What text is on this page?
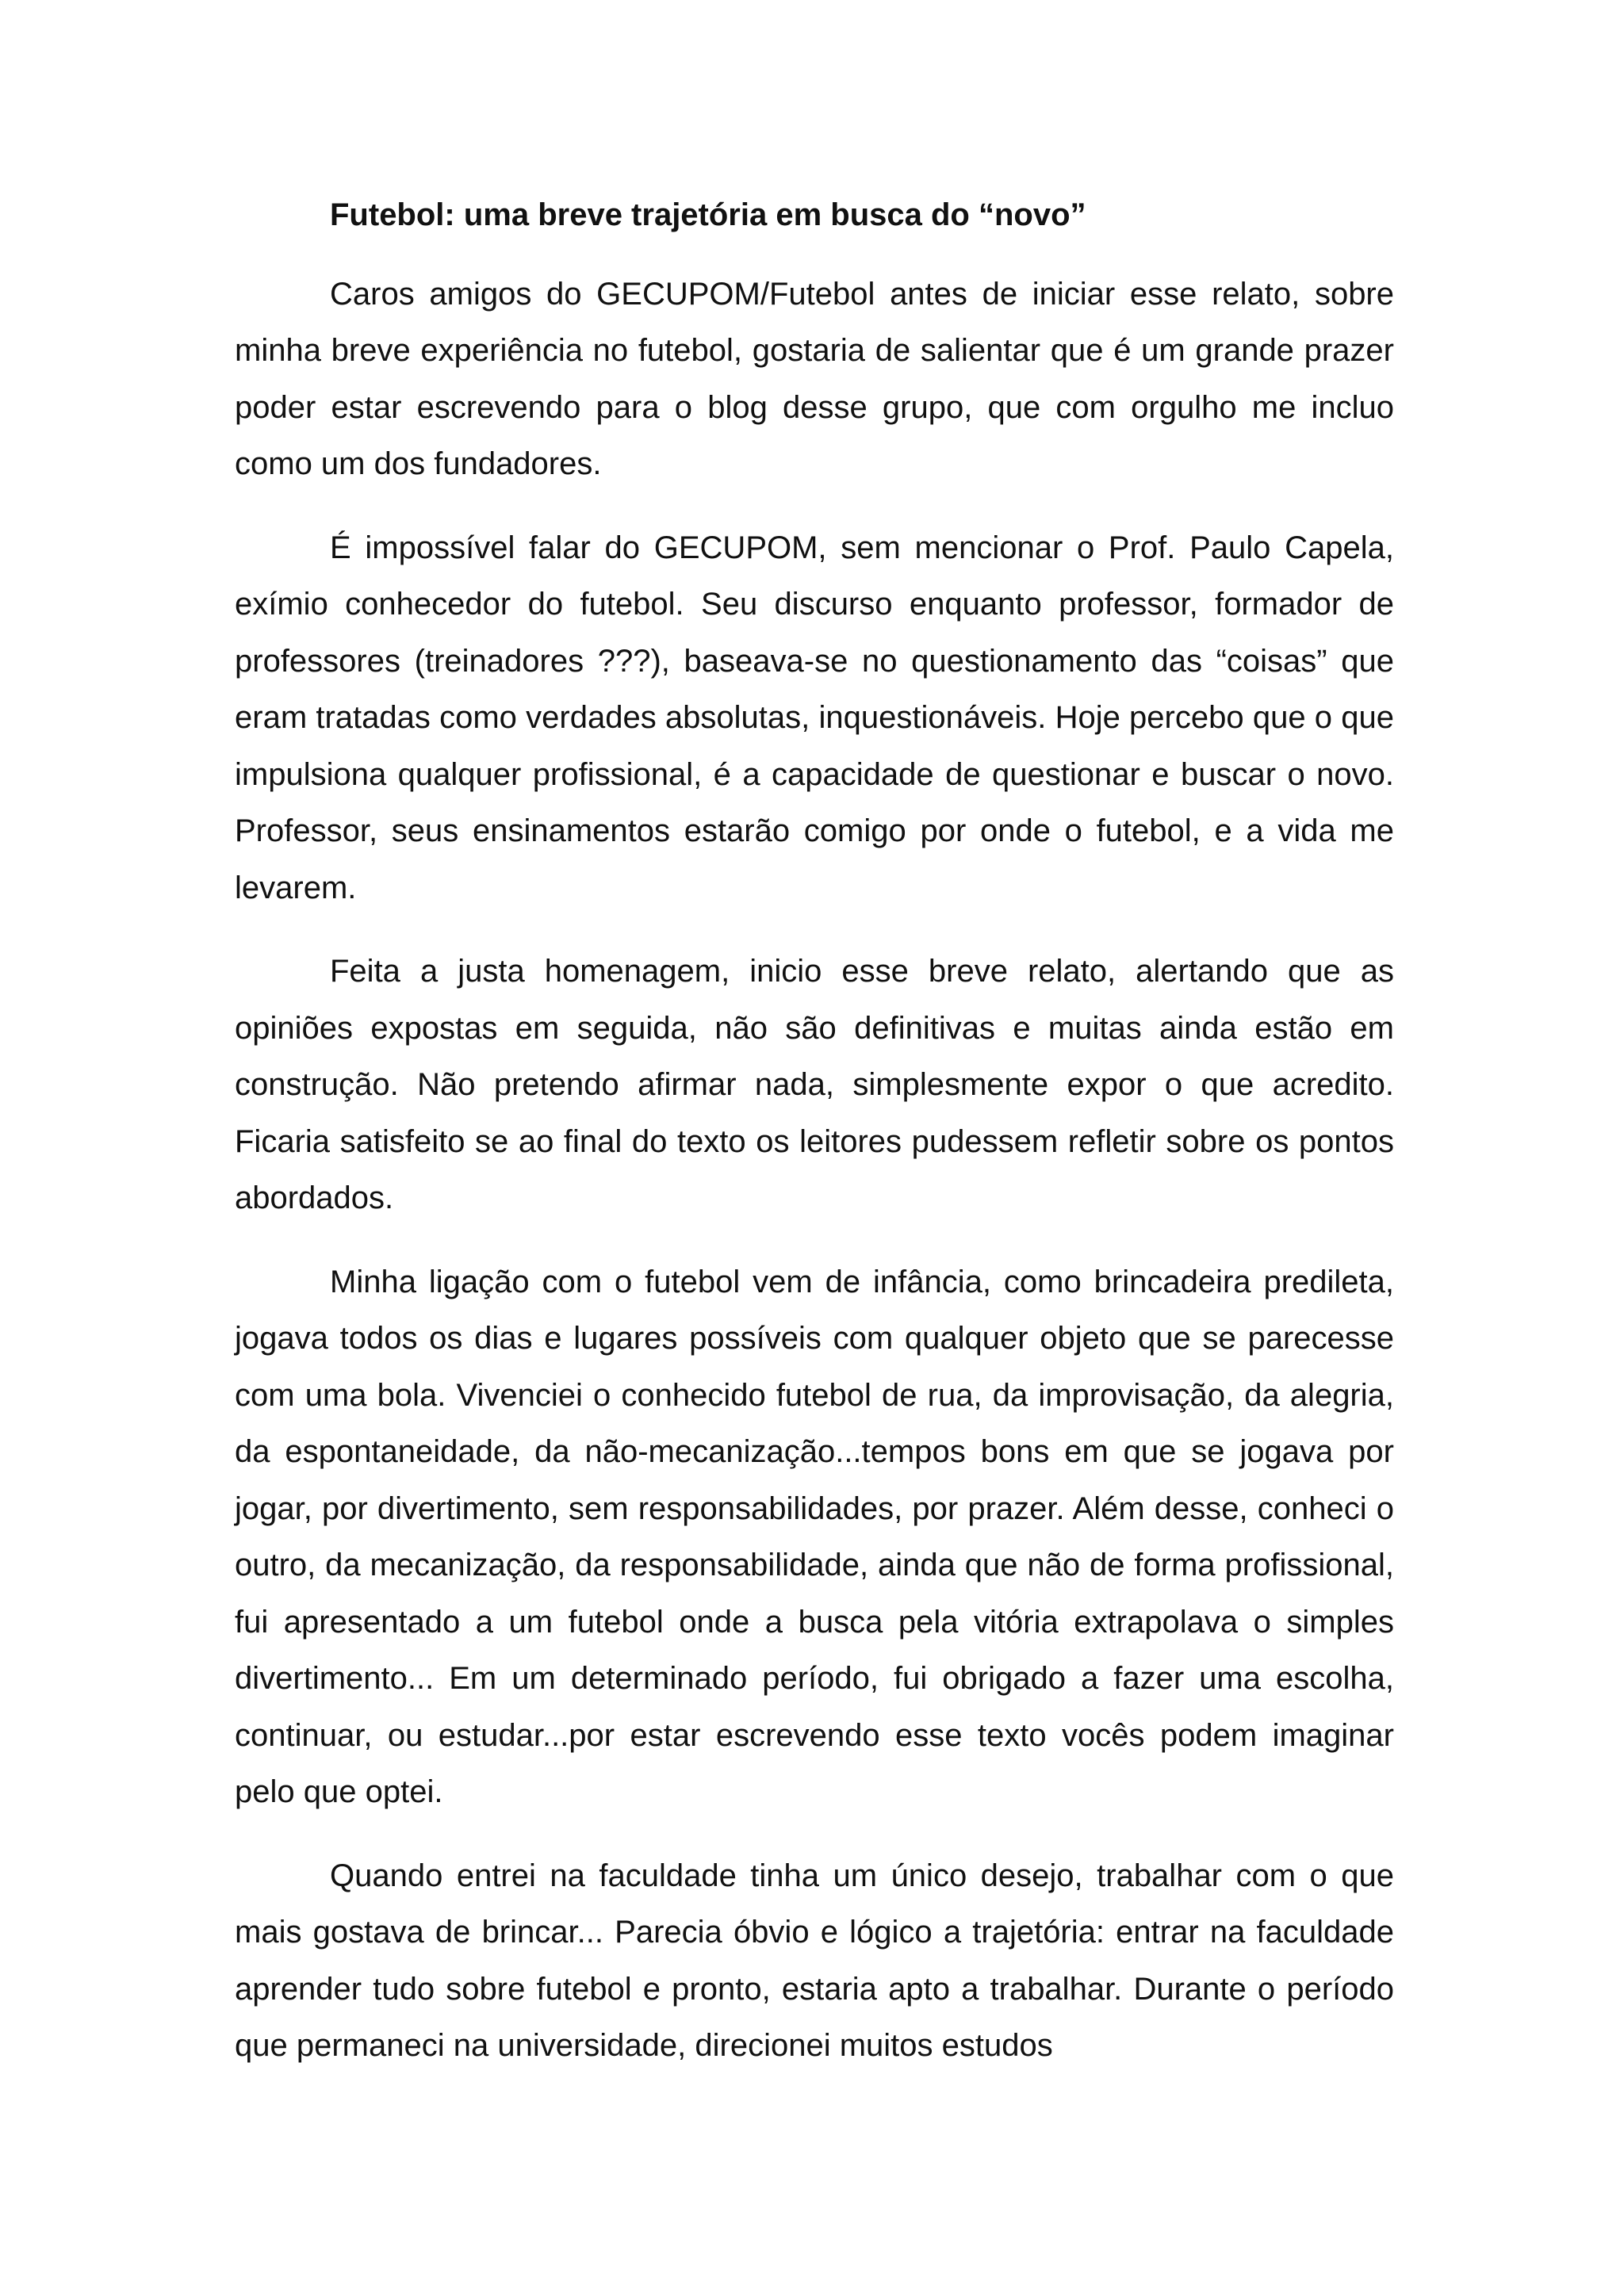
Futebol: uma breve trajetória em busca do “novo”

Caros amigos do GECUPOM/Futebol antes de iniciar esse relato, sobre minha breve experiência no futebol, gostaria de salientar que é um grande prazer poder estar escrevendo para o blog desse grupo, que com orgulho me incluo como um dos fundadores.

É impossível falar do GECUPOM, sem mencionar o Prof. Paulo Capela, exímio conhecedor do futebol. Seu discurso enquanto professor, formador de professores (treinadores ???), baseava-se no questionamento das “coisas” que eram tratadas como verdades absolutas, inquestionáveis. Hoje percebo que o que impulsiona qualquer profissional, é a capacidade de questionar e buscar o novo. Professor, seus ensinamentos estarão comigo por onde o futebol, e a vida me levarem.

Feita a justa homenagem, inicio esse breve relato, alertando que as opiniões expostas em seguida, não são definitivas e muitas ainda estão em construção. Não pretendo afirmar nada, simplesmente expor o que acredito. Ficaria satisfeito se ao final do texto os leitores pudessem refletir sobre os pontos abordados.

Minha ligação com o futebol vem de infância, como brincadeira predileta, jogava todos os dias e lugares possíveis com qualquer objeto que se parecesse com uma bola. Vivenciei o conhecido futebol de rua, da improvisação, da alegria, da espontaneidade, da não-mecanização...tempos bons em que se jogava por jogar, por divertimento, sem responsabilidades, por prazer. Além desse, conheci o outro, da mecanização, da responsabilidade, ainda que não de forma profissional, fui apresentado a um futebol onde a busca pela vitória extrapolava o simples divertimento... Em um determinado período, fui obrigado a fazer uma escolha, continuar, ou estudar...por estar escrevendo esse texto vocês podem imaginar pelo que optei.

Quando entrei na faculdade tinha um único desejo, trabalhar com o que mais gostava de brincar... Parecia óbvio e lógico a trajetória: entrar na faculdade aprender tudo sobre futebol e pronto, estaria apto a trabalhar. Durante o período que permaneci na universidade, direcionei muitos estudos
